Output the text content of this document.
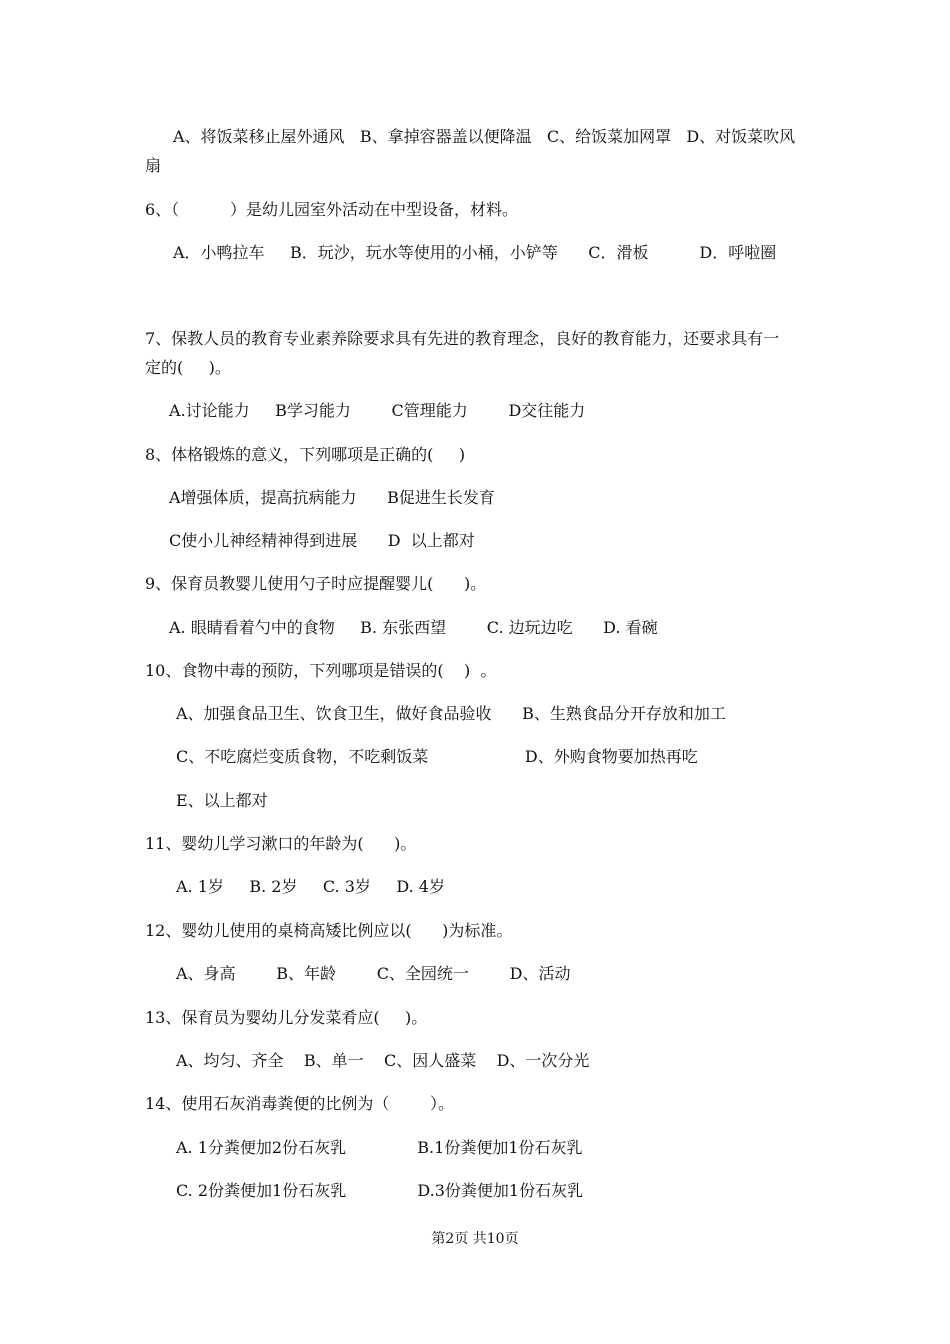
A、将饭菜移止屋外通风   B、拿掉容器盖以便降温   C、给饭菜加网罩   D、对饭菜吹风
扇
6、（          ）是幼儿园室外活动在中型设备，材料。
A．小鸭拉车     B．玩沙，玩水等使用的小桶，小铲等      C．滑板          D．呼啦圈
7、保教人员的教育专业素养除要求具有先进的教育理念，良好的教育能力，还要求具有一
定的(     )。
A.讨论能力     B学习能力        C管理能力        D交往能力
8、体格锻炼的意义，下列哪项是正确的(     )
A增强体质，提高抗病能力      B促进生长发育
C使小儿神经精神得到进展      D  以上都对
9、保育员教婴儿使用勺子时应提醒婴儿(      )。
A. 眼睛看着勺中的食物     B. 东张西望        C. 边玩边吃      D. 看碗
10、食物中毒的预防，下列哪项是错误的(    )  。
A、加强食品卫生、饮食卫生，做好食品验收      B、生熟食品分开存放和加工
C、不吃腐烂变质食物，不吃剩饭菜                   D、外购食物要加热再吃
E、以上都对
11、婴幼儿学习漱口的年龄为(      )。
A. 1岁     B. 2岁     C. 3岁     D. 4岁
12、婴幼儿使用的桌椅高矮比例应以(      )为标准。
A、身高        B、年龄        C、全园统一        D、活动
13、保育员为婴幼儿分发菜肴应(     )。
A、均匀、齐全    B、单一    C、因人盛菜    D、一次分光
14、使用石灰消毒粪便的比例为（        ）。
A. 1分粪便加2份石灰乳              B.1份粪便加1份石灰乳
C. 2份粪便加1份石灰乳              D.3份粪便加1份石灰乳
第2页 共10页
